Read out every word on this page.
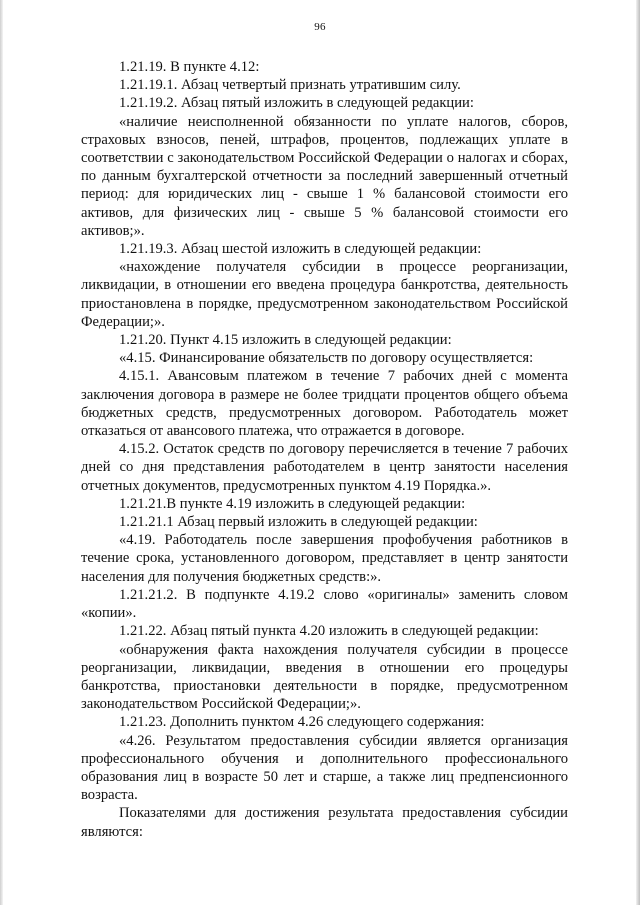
96

1.21.19. В пункте 4.12:

1.21.19.1. Абзац четвертый признать утратившим силу.

1.21.19.2. Абзац пятый изложить в следующей редакции:

«наличие неисполненной обязанности по уплате налогов, сборов, страховых взносов, пеней, штрафов, процентов, подлежащих уплате в соответствии с законодательством Российской Федерации о налогах и сборах, по данным бухгалтерской отчетности за последний завершенный отчетный период: для юридических лиц - свыше 1 % балансовой стоимости его активов, для физических лиц - свыше 5 % балансовой стоимости его активов;».

1.21.19.3. Абзац шестой изложить в следующей редакции:

«нахождение получателя субсидии в процессе реорганизации, ликвидации, в отношении его введена процедура банкротства, деятельность приостановлена в порядке, предусмотренном законодательством Российской Федерации;».

1.21.20. Пункт 4.15 изложить в следующей редакции:

«4.15. Финансирование обязательств по договору осуществляется:

4.15.1. Авансовым платежом в течение 7 рабочих дней с момента заключения договора в размере не более тридцати процентов общего объема бюджетных средств, предусмотренных договором. Работодатель может отказаться от авансового платежа, что отражается в договоре.

4.15.2. Остаток средств по договору перечисляется в течение 7 рабочих дней со дня представления работодателем в центр занятости населения отчетных документов, предусмотренных пунктом 4.19 Порядка.».

1.21.21.В пункте 4.19 изложить в следующей редакции:

1.21.21.1 Абзац первый изложить в следующей редакции:

«4.19. Работодатель после завершения профобучения работников в течение срока, установленного договором, представляет в центр занятости населения для получения бюджетных средств:».

1.21.21.2. В подпункте 4.19.2 слово «оригиналы» заменить словом «копии».

1.21.22. Абзац пятый пункта 4.20 изложить в следующей редакции:

«обнаружения факта нахождения получателя субсидии в процессе реорганизации, ликвидации, введения в отношении его процедуры банкротства, приостановки деятельности в порядке, предусмотренном законодательством Российской Федерации;».

1.21.23. Дополнить пунктом 4.26 следующего содержания:

«4.26. Результатом предоставления субсидии является организация профессионального обучения и дополнительного профессионального образования лиц в возрасте 50 лет и старше, а также лиц предпенсионного возраста.

Показателями для достижения результата предоставления субсидии являются:
